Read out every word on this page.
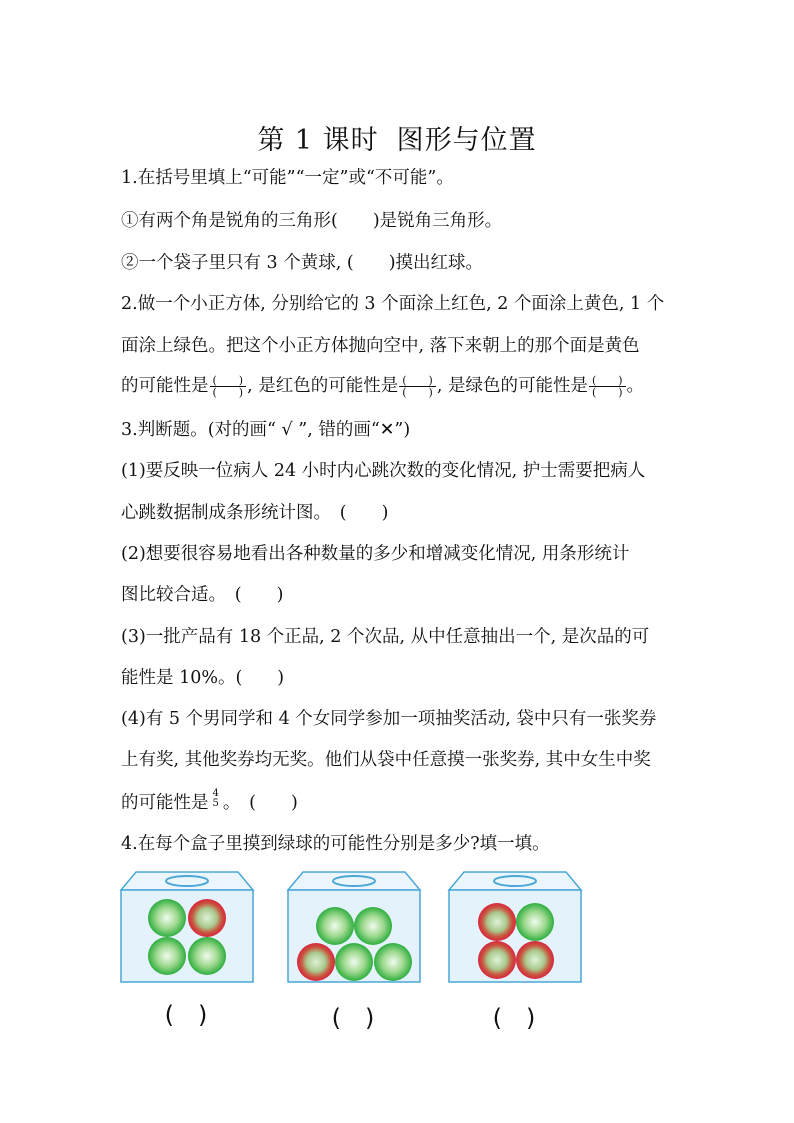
第 1 课时 图形与位置
1.在括号里填上“可能”“一定”或“不可能”。
①有两个角是锐角的三角形(　　)是锐角三角形。
②一个袋子里只有 3 个黄球, (　　)摸出红球。
2.做一个小正方体, 分别给它的 3 个面涂上红色, 2 个面涂上黄色, 1 个
面涂上绿色。把这个小正方体抛向空中, 落下来朝上的那个面是黄色
的可能性是 $\frac{( )}{( )}$ , 是红色的可能性是 $\frac{( )}{( )}$ , 是绿色的可能性是 $\frac{( )}{( )}$ 。
3.判断题。(对的画“ √ ”, 错的画“✕”)
(1)要反映一位病人 24 小时内心跳次数的变化情况, 护士需要把病人
心跳数据制成条形统计图。　(　　)
(2)想要很容易地看出各种数量的多少和增减变化情况, 用条形统计
图比较合适。　(　　)
(3)一批产品有 18 个正品, 2 个次品, 从中任意抽出一个, 是次品的可
能性是 10%。(　　)
(4)有 5 个男同学和 4 个女同学参加一项抽奖活动, 袋中只有一张奖券
上有奖, 其他奖券均无奖。他们从袋中任意摸一张奖券, 其中女生中奖
的可能性是 4
5 。　(　　)
4.在每个盒子里摸到绿球的可能性分别是多少?填一填。
(　)	(　)	(　)
